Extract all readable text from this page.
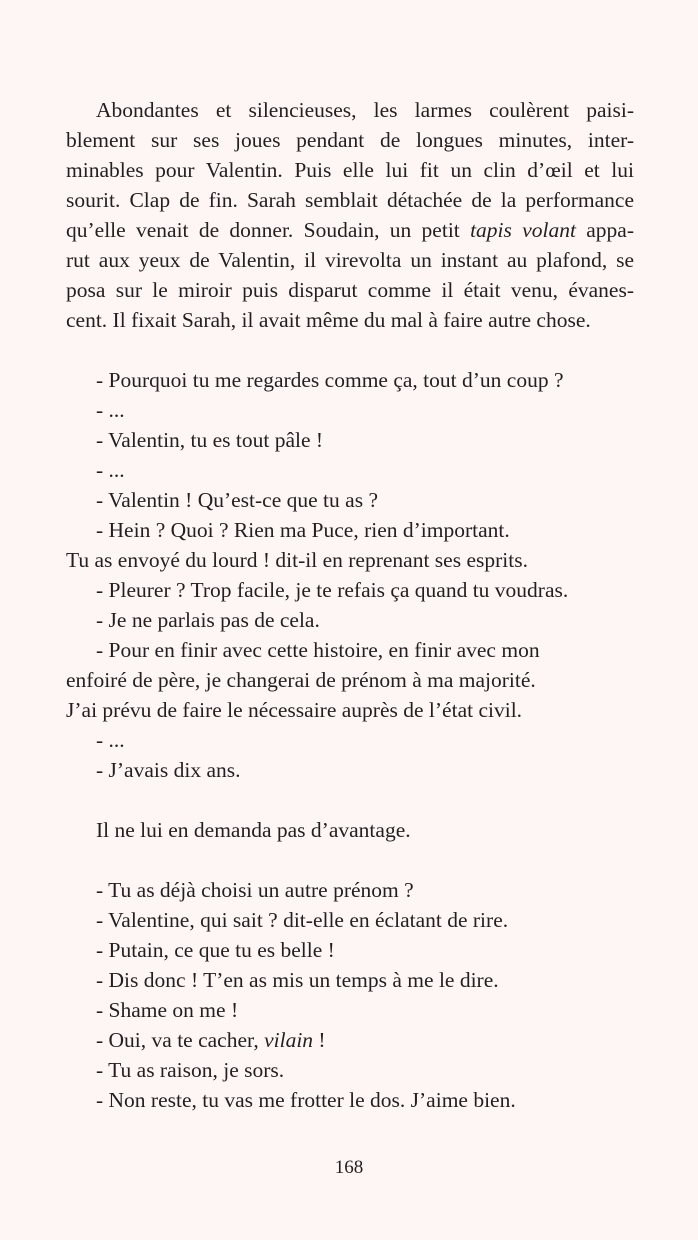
Abondantes et silencieuses, les larmes coulèrent paisi-
blement sur ses joues pendant de longues minutes, inter-
minables pour Valentin. Puis elle lui fit un clin d’œil et lui
sourit. Clap de fin. Sarah semblait détachée de la performance
qu’elle venait de donner. Soudain, un petit tapis volant appa-
rut aux yeux de Valentin, il virevolta un instant au plafond, se
posa sur le miroir puis disparut comme il était venu, évanes-
cent. Il fixait Sarah, il avait même du mal à faire autre chose.
- Pourquoi tu me regardes comme ça, tout d’un coup ?
- ...
- Valentin, tu es tout pâle !
- ...
- Valentin ! Qu’est-ce que tu as ?
- Hein ? Quoi ? Rien ma Puce, rien d’important.
Tu as envoyé du lourd ! dit-il en reprenant ses esprits.
- Pleurer ? Trop facile, je te refais ça quand tu voudras.
- Je ne parlais pas de cela.
- Pour en finir avec cette histoire, en finir avec mon
enfoiré de père, je changerai de prénom à ma majorité.
J’ai prévu de faire le nécessaire auprès de l’état civil.
- ...
- J’avais dix ans.
Il ne lui en demanda pas d’avantage.
- Tu as déjà choisi un autre prénom ?
- Valentine, qui sait ? dit-elle en éclatant de rire.
- Putain, ce que tu es belle !
- Dis donc ! T’en as mis un temps à me le dire.
- Shame on me !
- Oui, va te cacher, vilain !
- Tu as raison, je sors.
- Non reste, tu vas me frotter le dos. J’aime bien.
168
